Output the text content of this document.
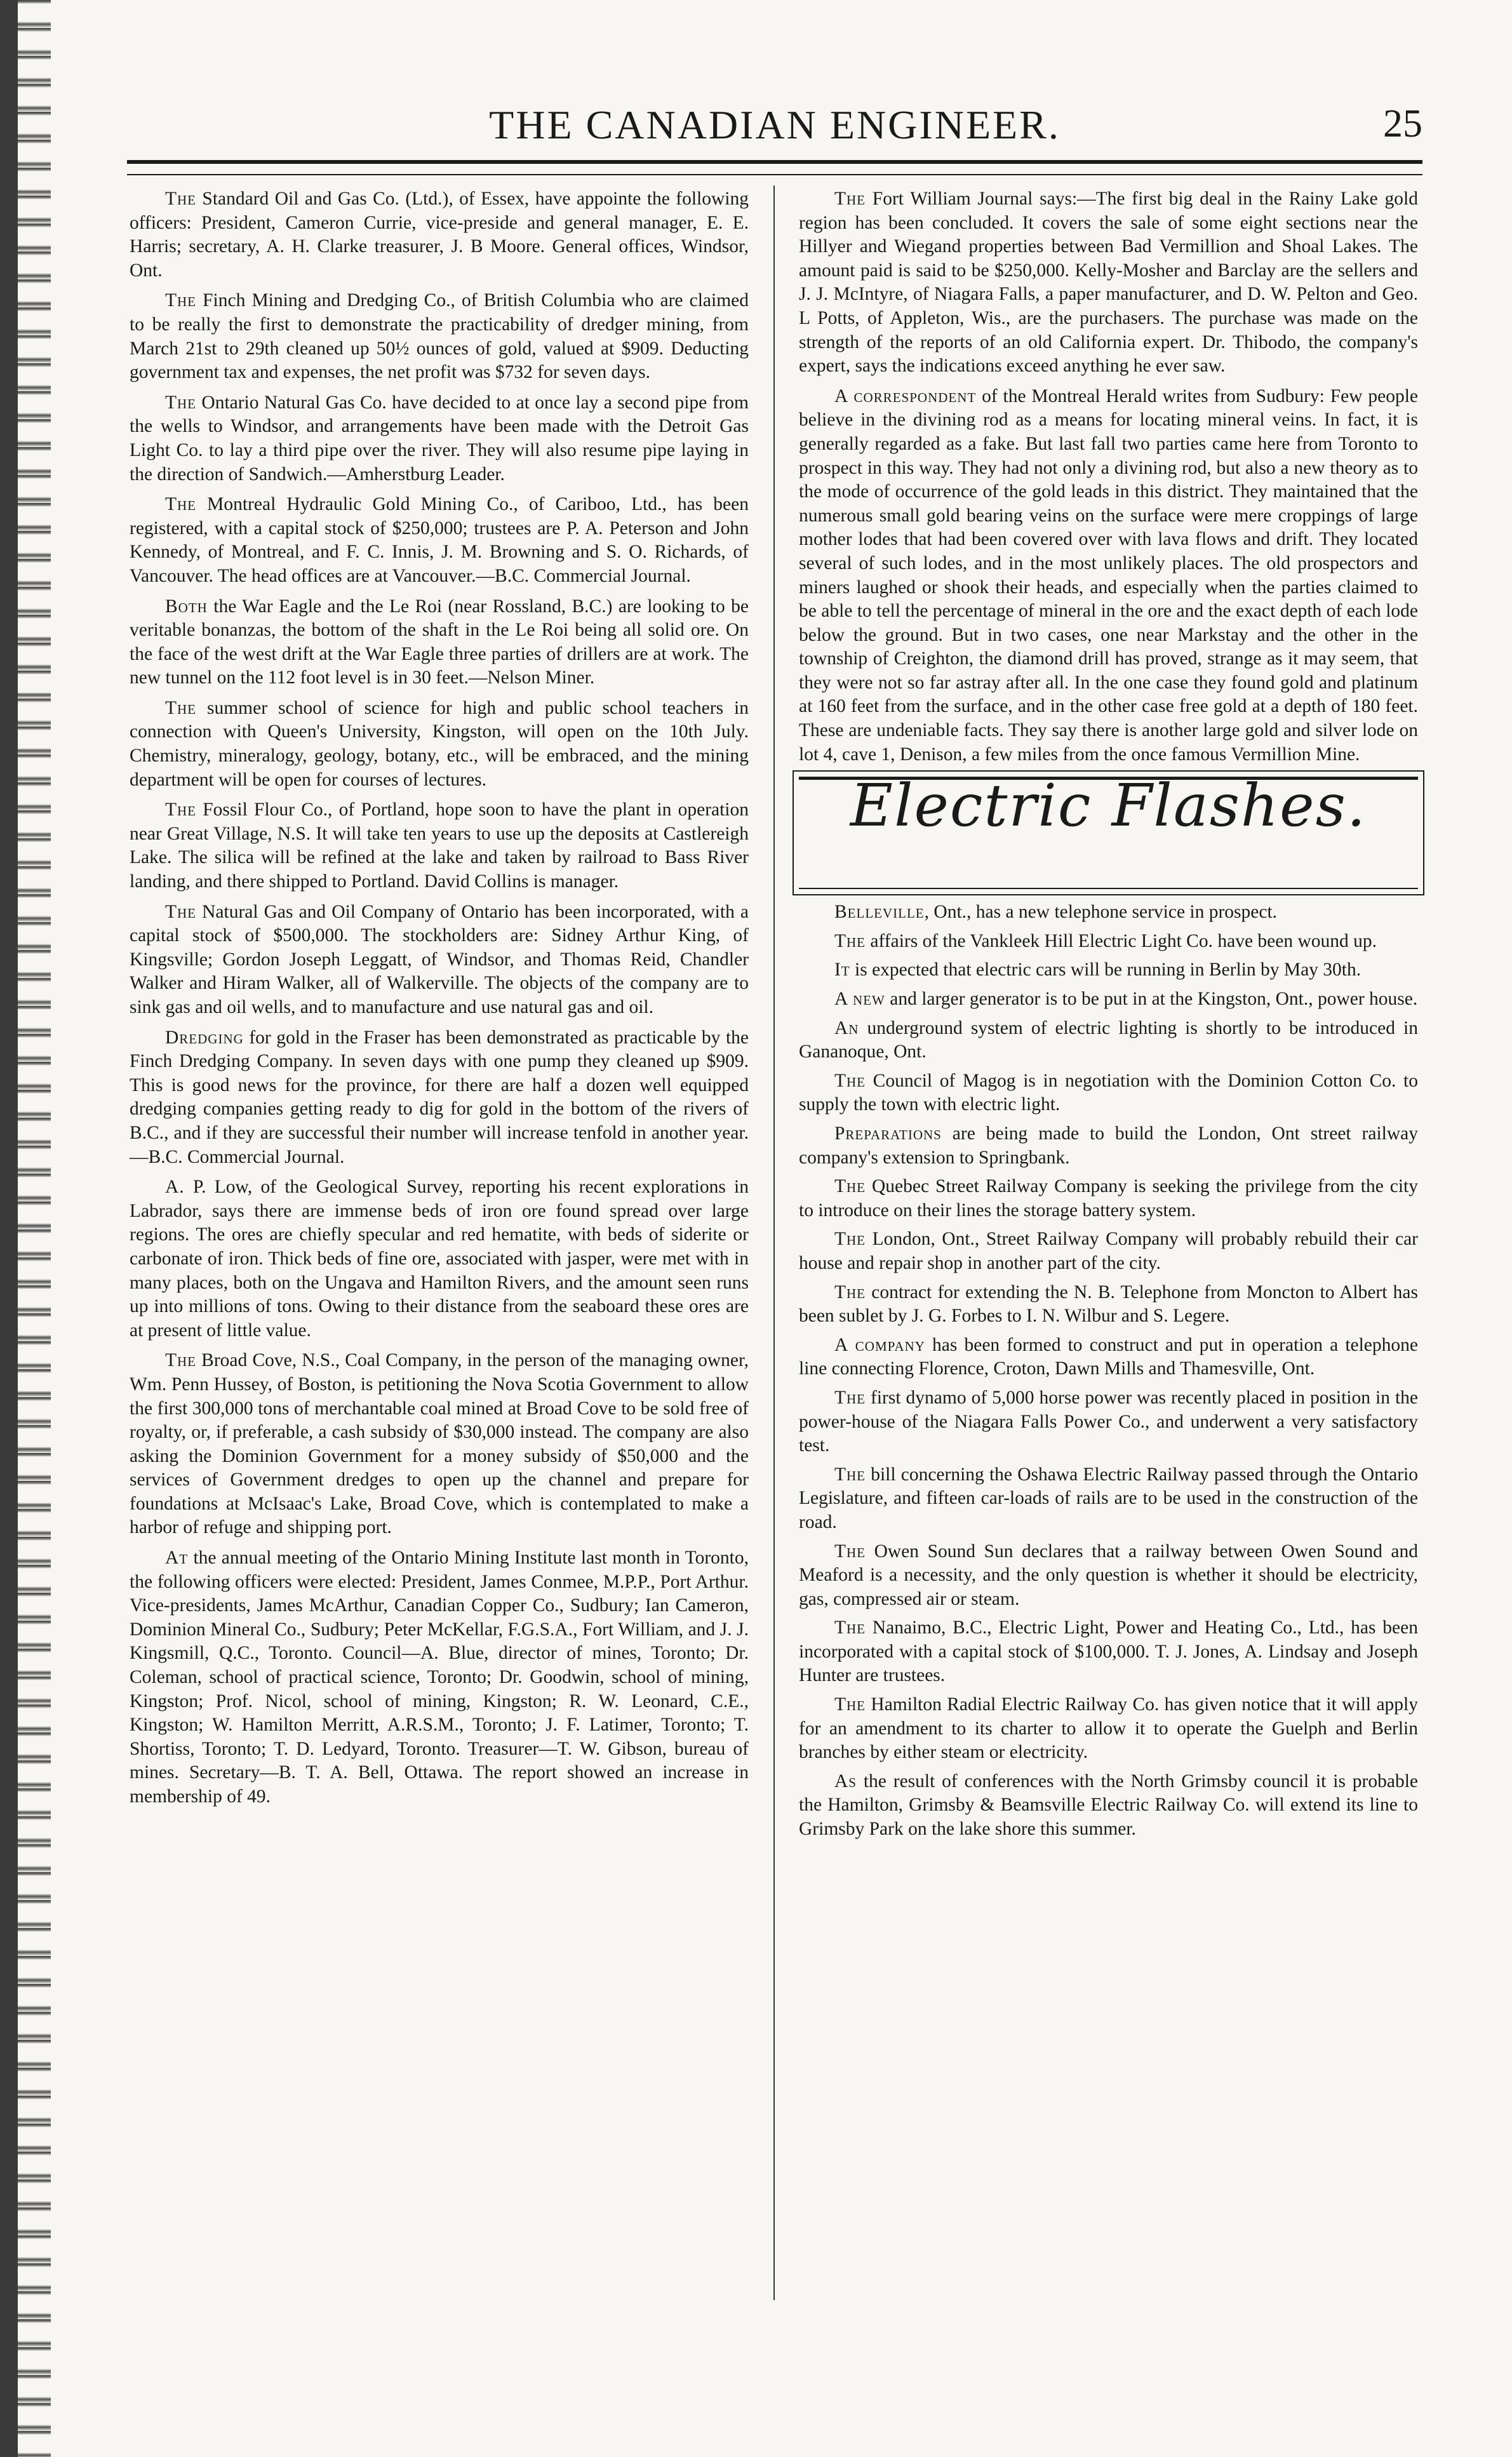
THE CANADIAN ENGINEER.	25

The Standard Oil and Gas Co. (Ltd.), of Essex, have appointe the following officers: President, Cameron Currie, vice-preside and general manager, E. E. Harris; secretary, A. H. Clarke treasurer, J. B Moore. General offices, Windsor, Ont.

The Finch Mining and Dredging Co., of British Columbia who are claimed to be really the first to demonstrate the practicability of dredger mining, from March 21st to 29th cleaned up 50½ ounces of gold, valued at $909. Deducting government tax and expenses, the net profit was $732 for seven days.

The Ontario Natural Gas Co. have decided to at once lay a second pipe from the wells to Windsor, and arrangements have been made with the Detroit Gas Light Co. to lay a third pipe over the river. They will also resume pipe laying in the direction of Sandwich.—Amherstburg Leader.

The Montreal Hydraulic Gold Mining Co., of Cariboo, Ltd., has been registered, with a capital stock of $250,000; trustees are P. A. Peterson and John Kennedy, of Montreal, and F. C. Innis, J. M. Browning and S. O. Richards, of Vancouver. The head offices are at Vancouver.—B.C. Commercial Journal.

Both the War Eagle and the Le Roi (near Rossland, B.C.) are looking to be veritable bonanzas, the bottom of the shaft in the Le Roi being all solid ore. On the face of the west drift at the War Eagle three parties of drillers are at work. The new tunnel on the 112 foot level is in 30 feet.—Nelson Miner.

The summer school of science for high and public school teachers in connection with Queen's University, Kingston, will open on the 10th July. Chemistry, mineralogy, geology, botany, etc., will be embraced, and the mining department will be open for courses of lectures.

The Fossil Flour Co., of Portland, hope soon to have the plant in operation near Great Village, N.S. It will take ten years to use up the deposits at Castlereigh Lake. The silica will be refined at the lake and taken by railroad to Bass River landing, and there shipped to Portland. David Collins is manager.

The Natural Gas and Oil Company of Ontario has been incorporated, with a capital stock of $500,000. The stockholders are: Sidney Arthur King, of Kingsville; Gordon Joseph Leggatt, of Windsor, and Thomas Reid, Chandler Walker and Hiram Walker, all of Walkerville. The objects of the company are to sink gas and oil wells, and to manufacture and use natural gas and oil.

Dredging for gold in the Fraser has been demonstrated as practicable by the Finch Dredging Company. In seven days with one pump they cleaned up $909. This is good news for the province, for there are half a dozen well equipped dredging companies getting ready to dig for gold in the bottom of the rivers of B.C., and if they are successful their number will increase tenfold in another year.—B.C. Commercial Journal.

A. P. Low, of the Geological Survey, reporting his recent explorations in Labrador, says there are immense beds of iron ore found spread over large regions. The ores are chiefly specular and red hematite, with beds of siderite or carbonate of iron. Thick beds of fine ore, associated with jasper, were met with in many places, both on the Ungava and Hamilton Rivers, and the amount seen runs up into millions of tons. Owing to their distance from the seaboard these ores are at present of little value.

The Broad Cove, N.S., Coal Company, in the person of the managing owner, Wm. Penn Hussey, of Boston, is petitioning the Nova Scotia Government to allow the first 300,000 tons of merchantable coal mined at Broad Cove to be sold free of royalty, or, if preferable, a cash subsidy of $30,000 instead. The company are also asking the Dominion Government for a money subsidy of $50,000 and the services of Government dredges to open up the channel and prepare for foundations at McIsaac's Lake, Broad Cove, which is contemplated to make a harbor of refuge and shipping port.

At the annual meeting of the Ontario Mining Institute last month in Toronto, the following officers were elected: President, James Conmee, M.P.P., Port Arthur. Vice-presidents, James McArthur, Canadian Copper Co., Sudbury; Ian Cameron, Dominion Mineral Co., Sudbury; Peter McKellar, F.G.S.A., Fort William, and J. J. Kingsmill, Q.C., Toronto. Council—A. Blue, director of mines, Toronto; Dr. Coleman, school of practical science, Toronto; Dr. Goodwin, school of mining, Kingston; Prof. Nicol, school of mining, Kingston; R. W. Leonard, C.E., Kingston; W. Hamilton Merritt, A.R.S.M., Toronto; J. F. Latimer, Toronto; T. Shortiss, Toronto; T. D. Ledyard, Toronto. Treasurer—T. W. Gibson, bureau of mines. Secretary—B. T. A. Bell, Ottawa. The report showed an increase in membership of 49.

The Fort William Journal says:—The first big deal in the Rainy Lake gold region has been concluded. It covers the sale of some eight sections near the Hillyer and Wiegand properties between Bad Vermillion and Shoal Lakes. The amount paid is said to be $250,000. Kelly-Mosher and Barclay are the sellers and J. J. McIntyre, of Niagara Falls, a paper manufacturer, and D. W. Pelton and Geo. L Potts, of Appleton, Wis., are the purchasers. The purchase was made on the strength of the reports of an old California expert. Dr. Thibodo, the company's expert, says the indications exceed anything he ever saw.

A correspondent of the Montreal Herald writes from Sudbury: Few people believe in the divining rod as a means for locating mineral veins. In fact, it is generally regarded as a fake. But last fall two parties came here from Toronto to prospect in this way. They had not only a divining rod, but also a new theory as to the mode of occurrence of the gold leads in this district. They maintained that the numerous small gold bearing veins on the surface were mere croppings of large mother lodes that had been covered over with lava flows and drift. They located several of such lodes, and in the most unlikely places. The old prospectors and miners laughed or shook their heads, and especially when the parties claimed to be able to tell the percentage of mineral in the ore and the exact depth of each lode below the ground. But in two cases, one near Markstay and the other in the township of Creighton, the diamond drill has proved, strange as it may seem, that they were not so far astray after all. In the one case they found gold and platinum at 160 feet from the surface, and in the other case free gold at a depth of 180 feet. These are undeniable facts. They say there is another large gold and silver lode on lot 4, cave 1, Denison, a few miles from the once famous Vermillion Mine.

Electric Flashes.

Belleville, Ont., has a new telephone service in prospect.

The affairs of the Vankleek Hill Electric Light Co. have been wound up.

It is expected that electric cars will be running in Berlin by May 30th.

A new and larger generator is to be put in at the Kingston, Ont., power house.

An underground system of electric lighting is shortly to be introduced in Gananoque, Ont.

The Council of Magog is in negotiation with the Dominion Cotton Co. to supply the town with electric light.

Preparations are being made to build the London, Ont street railway company's extension to Springbank.

The Quebec Street Railway Company is seeking the privilege from the city to introduce on their lines the storage battery system.

The London, Ont., Street Railway Company will probably rebuild their car house and repair shop in another part of the city.

The contract for extending the N. B. Telephone from Moncton to Albert has been sublet by J. G. Forbes to I. N. Wilbur and S. Legere.

A company has been formed to construct and put in operation a telephone line connecting Florence, Croton, Dawn Mills and Thamesville, Ont.

The first dynamo of 5,000 horse power was recently placed in position in the power-house of the Niagara Falls Power Co., and underwent a very satisfactory test.

The bill concerning the Oshawa Electric Railway passed through the Ontario Legislature, and fifteen car-loads of rails are to be used in the construction of the road.

The Owen Sound Sun declares that a railway between Owen Sound and Meaford is a necessity, and the only question is whether it should be electricity, gas, compressed air or steam.

The Nanaimo, B.C., Electric Light, Power and Heating Co., Ltd., has been incorporated with a capital stock of $100,000. T. J. Jones, A. Lindsay and Joseph Hunter are trustees.

The Hamilton Radial Electric Railway Co. has given notice that it will apply for an amendment to its charter to allow it to operate the Guelph and Berlin branches by either steam or electricity.

As the result of conferences with the North Grimsby council it is probable the Hamilton, Grimsby & Beamsville Electric Railway Co. will extend its line to Grimsby Park on the lake shore this summer.
